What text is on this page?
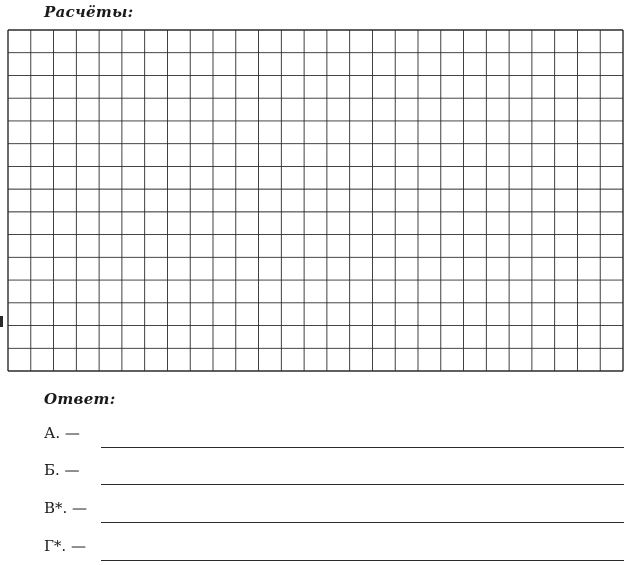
Расчёты:

Ответ:

А. —
Б. —
В*. —
Г*. —
